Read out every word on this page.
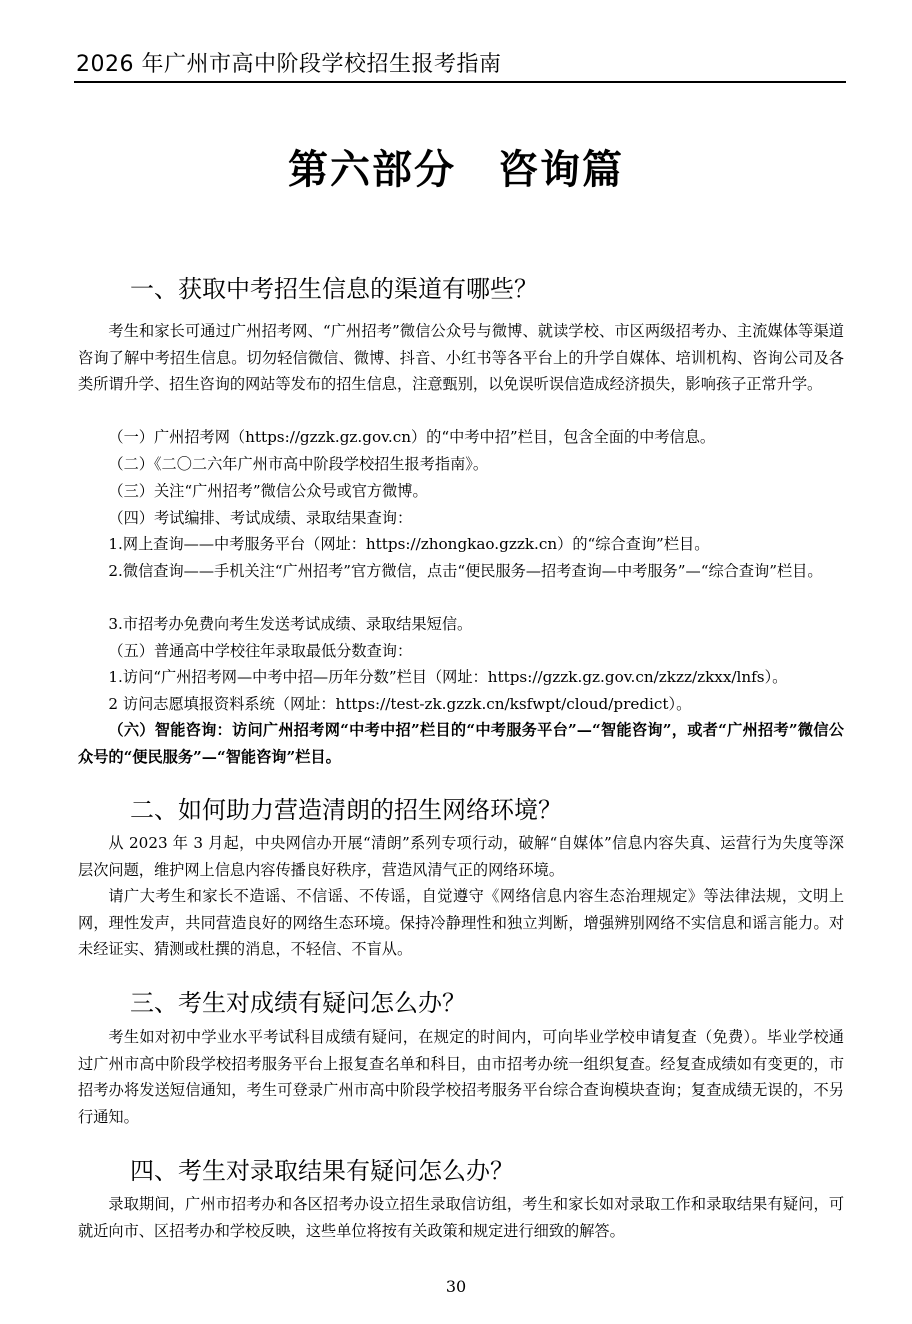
2026 年广州市高中阶段学校招生报考指南
第六部分　咨询篇
一、获取中考招生信息的渠道有哪些？

考生和家长可通过广州招考网、“广州招考”微信公众号与微博、就读学校、市区两级招考办、主流媒体等渠道咨询了解中考招生信息。切勿轻信微信、微博、抖音、小红书等各平台上的升学自媒体、培训机构、咨询公司及各类所谓升学、招生咨询的网站等发布的招生信息，注意甄别，以免误听误信造成经济损失，影响孩子正常升学。

（一）广州招考网（https://gzzk.gz.gov.cn）的“中考中招”栏目，包含全面的中考信息。

（二）《二〇二六年广州市高中阶段学校招生报考指南》。

（三）关注“广州招考”微信公众号或官方微博。

（四）考试编排、考试成绩、录取结果查询：

1.网上查询——中考服务平台（网址：https://zhongkao.gzzk.cn）的“综合查询”栏目。

2.微信查询——手机关注“广州招考”官方微信，点击“便民服务—招考查询—中考服务”—“综合查询”栏目。

3.市招考办免费向考生发送考试成绩、录取结果短信。

（五）普通高中学校往年录取最低分数查询：

1.访问“广州招考网—中考中招—历年分数”栏目（网址：https://gzzk.gz.gov.cn/zkzz/zkxx/lnfs）。

2 访问志愿填报资料系统（网址：https://test-zk.gzzk.cn/ksfwpt/cloud/predict）。

（六）智能咨询：访问广州招考网“中考中招”栏目的“中考服务平台”—“智能咨询”，或者“广州招考”微信公众号的“便民服务”—“智能咨询”栏目。

二、如何助力营造清朗的招生网络环境？

从 2023 年 3 月起，中央网信办开展“清朗”系列专项行动，破解“自媒体”信息内容失真、运营行为失度等深层次问题，维护网上信息内容传播良好秩序，营造风清气正的网络环境。

请广大考生和家长不造谣、不信谣、不传谣，自觉遵守《网络信息内容生态治理规定》等法律法规，文明上网，理性发声，共同营造良好的网络生态环境。保持冷静理性和独立判断，增强辨别网络不实信息和谣言能力。对未经证实、猜测或杜撰的消息，不轻信、不盲从。

三、考生对成绩有疑问怎么办？

考生如对初中学业水平考试科目成绩有疑问，在规定的时间内，可向毕业学校申请复查（免费）。毕业学校通过广州市高中阶段学校招考服务平台上报复查名单和科目，由市招考办统一组织复查。经复查成绩如有变更的，市招考办将发送短信通知，考生可登录广州市高中阶段学校招考服务平台综合查询模块查询；复查成绩无误的，不另行通知。

四、考生对录取结果有疑问怎么办？

录取期间，广州市招考办和各区招考办设立招生录取信访组，考生和家长如对录取工作和录取结果有疑问，可就近向市、区招考办和学校反映，这些单位将按有关政策和规定进行细致的解答。

30
